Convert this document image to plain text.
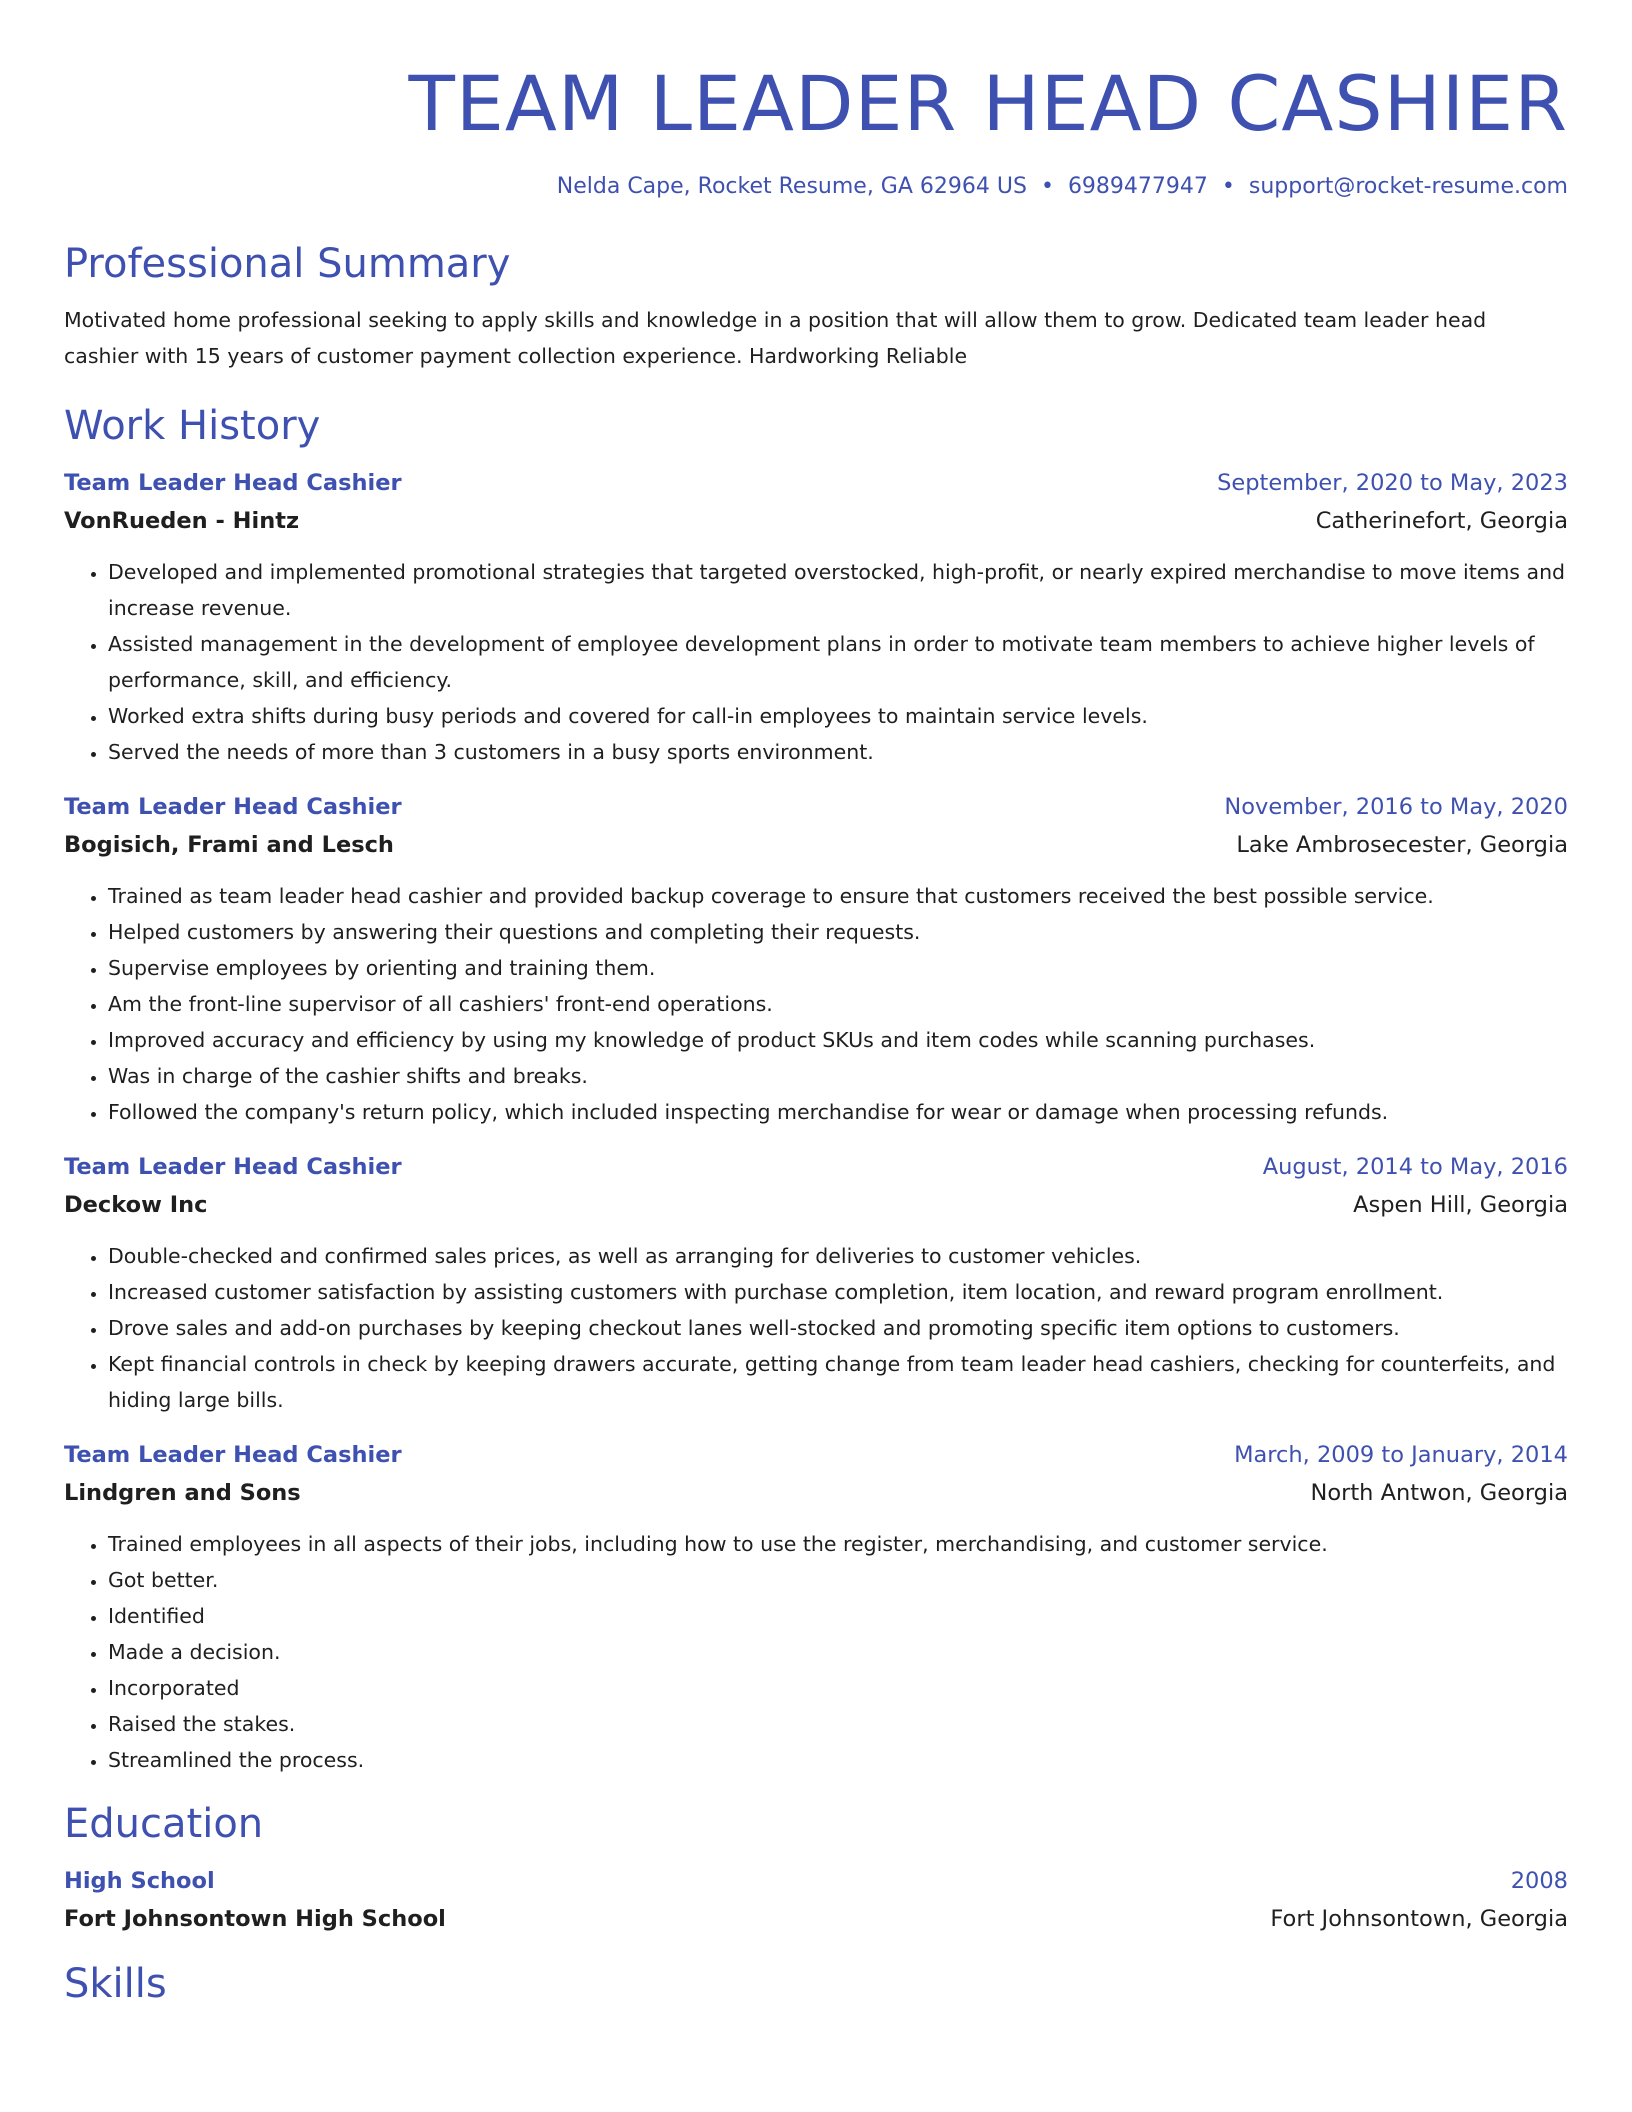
TEAM LEADER HEAD CASHIER
Nelda Cape, Rocket Resume, GA 62964 US • 6989477947 • support@rocket-resume.com
Professional Summary

Motivated home professional seeking to apply skills and knowledge in a position that will allow them to grow. Dedicated team leader head cashier with 15 years of customer payment collection experience. Hardworking Reliable

Work History
Team Leader Head Cashier	September, 2020 to May, 2023
VonRueden - Hintz	Catherinefort, Georgia
• Developed and implemented promotional strategies that targeted overstocked, high-profit, or nearly expired merchandise to move items and increase revenue.
• Assisted management in the development of employee development plans in order to motivate team members to achieve higher levels of performance, skill, and efficiency.
• Worked extra shifts during busy periods and covered for call-in employees to maintain service levels.
• Served the needs of more than 3 customers in a busy sports environment.
Team Leader Head Cashier	November, 2016 to May, 2020
Bogisich, Frami and Lesch	Lake Ambrosecester, Georgia
• Trained as team leader head cashier and provided backup coverage to ensure that customers received the best possible service.
• Helped customers by answering their questions and completing their requests.
• Supervise employees by orienting and training them.
• Am the front-line supervisor of all cashiers' front-end operations.
• Improved accuracy and efficiency by using my knowledge of product SKUs and item codes while scanning purchases.
• Was in charge of the cashier shifts and breaks.
• Followed the company's return policy, which included inspecting merchandise for wear or damage when processing refunds.
Team Leader Head Cashier	August, 2014 to May, 2016
Deckow Inc	Aspen Hill, Georgia
• Double-checked and confirmed sales prices, as well as arranging for deliveries to customer vehicles.
• Increased customer satisfaction by assisting customers with purchase completion, item location, and reward program enrollment.
• Drove sales and add-on purchases by keeping checkout lanes well-stocked and promoting specific item options to customers.
• Kept financial controls in check by keeping drawers accurate, getting change from team leader head cashiers, checking for counterfeits, and hiding large bills.
Team Leader Head Cashier	March, 2009 to January, 2014
Lindgren and Sons	North Antwon, Georgia
• Trained employees in all aspects of their jobs, including how to use the register, merchandising, and customer service.
• Got better.
• Identified
• Made a decision.
• Incorporated
• Raised the stakes.
• Streamlined the process.
Education
High School	2008
Fort Johnsontown High School	Fort Johnsontown, Georgia
Skills
